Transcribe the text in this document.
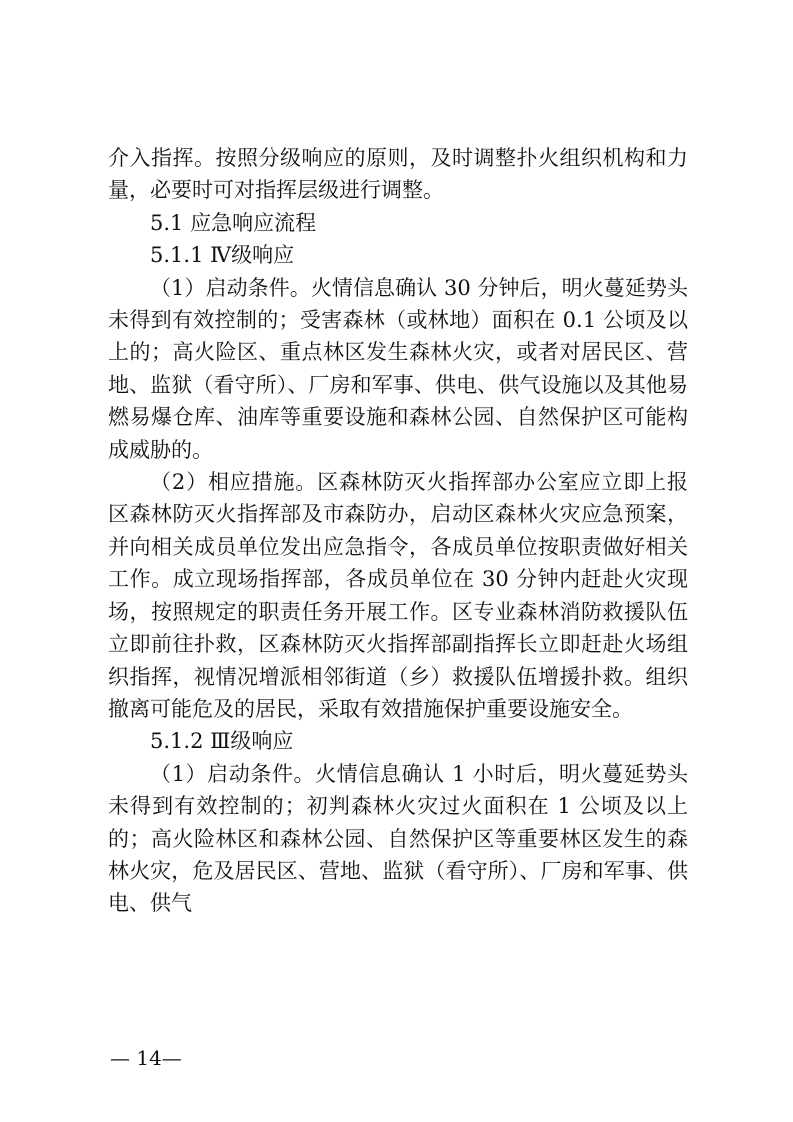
介入指挥。按照分级响应的原则，及时调整扑火组织机构和力量，必要时可对指挥层级进行调整。

5.1 应急响应流程

5.1.1 Ⅳ级响应

（1）启动条件。火情信息确认 30 分钟后，明火蔓延势头未得到有效控制的；受害森林（或林地）面积在 0.1 公顷及以上的；高火险区、重点林区发生森林火灾，或者对居民区、营地、监狱（看守所）、厂房和军事、供电、供气设施以及其他易燃易爆仓库、油库等重要设施和森林公园、自然保护区可能构成威胁的。

（2）相应措施。区森林防灭火指挥部办公室应立即上报区森林防灭火指挥部及市森防办，启动区森林火灾应急预案，并向相关成员单位发出应急指令，各成员单位按职责做好相关工作。成立现场指挥部，各成员单位在 30 分钟内赶赴火灾现场，按照规定的职责任务开展工作。区专业森林消防救援队伍立即前往扑救，区森林防灭火指挥部副指挥长立即赶赴火场组织指挥，视情况增派相邻街道（乡）救援队伍增援扑救。组织撤离可能危及的居民，采取有效措施保护重要设施安全。

5.1.2 Ⅲ级响应

（1）启动条件。火情信息确认 1 小时后，明火蔓延势头未得到有效控制的；初判森林火灾过火面积在 1 公顷及以上的；高火险林区和森林公园、自然保护区等重要林区发生的森林火灾，危及居民区、营地、监狱（看守所）、厂房和军事、供电、供气

— 14—
